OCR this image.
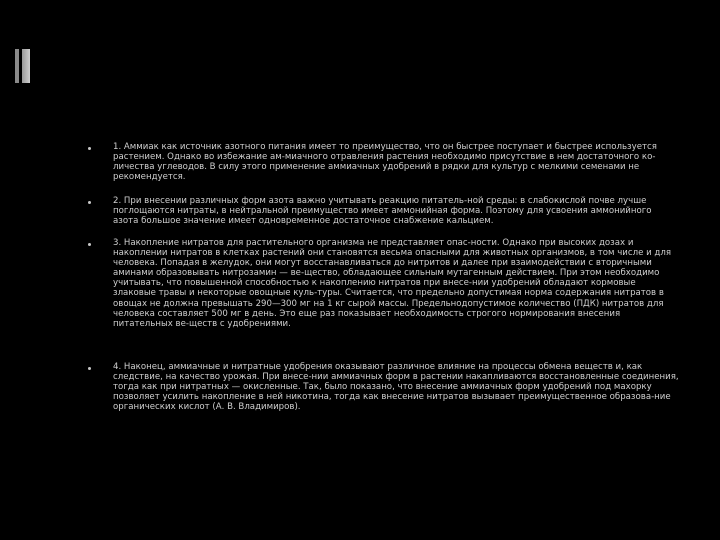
1. Аммиак как источник азотного питания имеет то преимущество, что он быстрее поступает и быстрее используется растением. Однако во избежание ам-миачного отравления растения необходимо присутствие в нем достаточного ко-личества углеводов. В силу этого применение аммиачных удобрений в рядки для культур с мелкими семенами не рекомендуется.

2. При внесении различных форм азота важно учитывать реакцию питатель-ной среды: в слабокислой почве лучше поглощаются нитраты, в нейтральной преимущество имеет аммонийная форма. Поэтому для усвоения аммонийного азота большое значение имеет одновременное достаточное снабжение кальцием.

3. Накопление нитратов для растительного организма не представляет опас-ности. Однако при высоких дозах и накоплении нитратов в клетках растений они становятся весьма опасными для животных организмов, в том числе и для человека. Попадая в желудок, они могут восстанавливаться до нитритов и далее при взаимодействии с вторичными аминами образовывать нитрозамин — ве-щество, обладающее сильным мутагенным действием. При этом необходимо учитывать, что повышенной способностью к накоплению нитратов при внесе-нии удобрений обладают кормовые злаковые травы и некоторые овощные куль-туры. Считается, что предельно допустимая норма содержания нитратов в овощах не должна превышать 290—300 мг на 1 кг сырой массы. Предельнодопустимое количество (ПДК) нитратов для человека составляет 500 мг в день. Это еще раз показывает необходимость строгого нормирования внесения питательных ве-ществ с удобрениями.

4. Наконец, аммиачные и нитратные удобрения оказывают различное влияние на процессы обмена веществ и, как следствие, на качество урожая. При внесе-нии аммиачных форм в растении накапливаются восстановленные соединения, тогда как при нитратных — окисленные. Так, было показано, что внесение аммиачных форм удобрений под махорку позволяет усилить накопление в ней никотина, тогда как внесение нитратов вызывает преимущественное образова-ние органических кислот (А. В. Владимиров).
